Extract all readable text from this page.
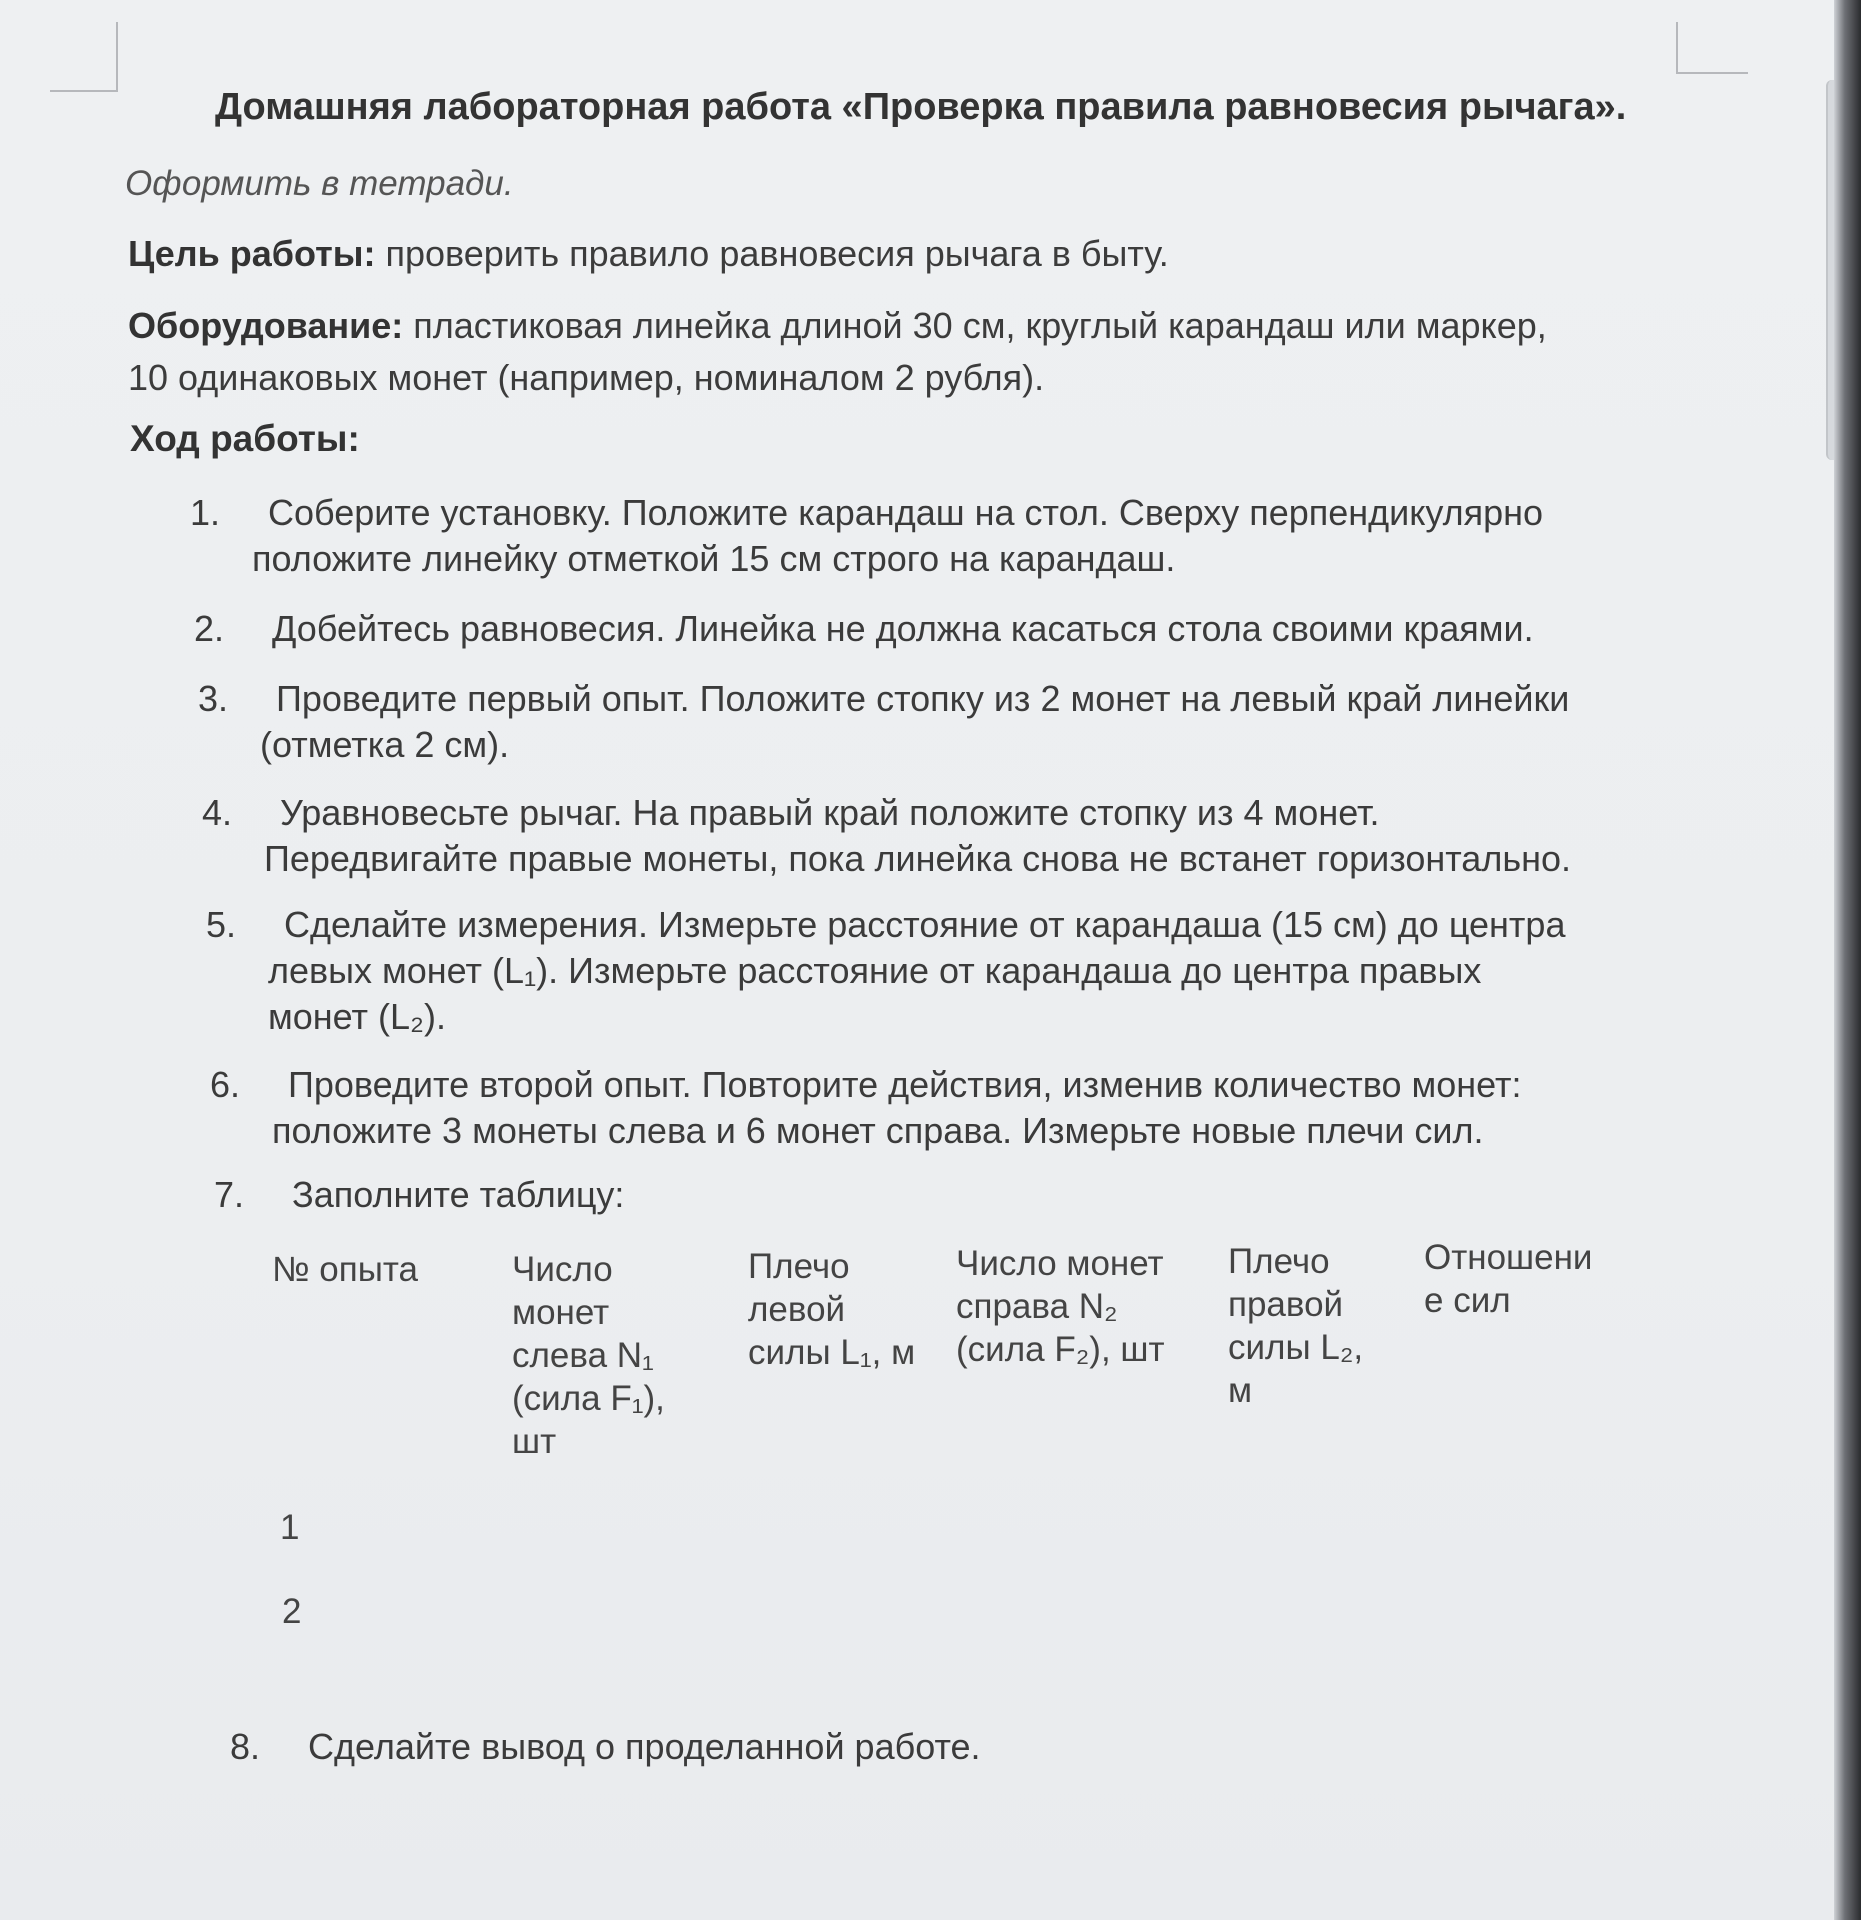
Домашняя лабораторная работа «Проверка правила равновесия рычага».
Оформить в тетради.
Цель работы: проверить правило равновесия рычага в быту.
Оборудование: пластиковая линейка длиной 30 см, круглый карандаш или маркер,
10 одинаковых монет (например, номиналом 2 рубля).
Ход работы:
1. Соберите установку. Положите карандаш на стол. Сверху перпендикулярно
положите линейку отметкой 15 см строго на карандаш.
2. Добейтесь равновесия. Линейка не должна касаться стола своими краями.
3. Проведите первый опыт. Положите стопку из 2 монет на левый край линейки
(отметка 2 см).
4. Уравновесьте рычаг. На правый край положите стопку из 4 монет.
Передвигайте правые монеты, пока линейка снова не встанет горизонтально.
5. Сделайте измерения. Измерьте расстояние от карандаша (15 см) до центра
левых монет (L₁). Измерьте расстояние от карандаша до центра правых
монет (L₂).
6. Проведите второй опыт. Повторите действия, изменив количество монет:
положите 3 монеты слева и 6 монет справа. Измерьте новые плечи сил.
7. Заполните таблицу:
№ опыта	Число
монет
слева N₁
(сила F₁),
шт
Плечо
левой
силы L₁, м
Число монет
справа N₂
(сила F₂), шт
Плечо
правой
силы L₂,
м
Отношени
е сил
1
2
8. Сделайте вывод о проделанной работе.
